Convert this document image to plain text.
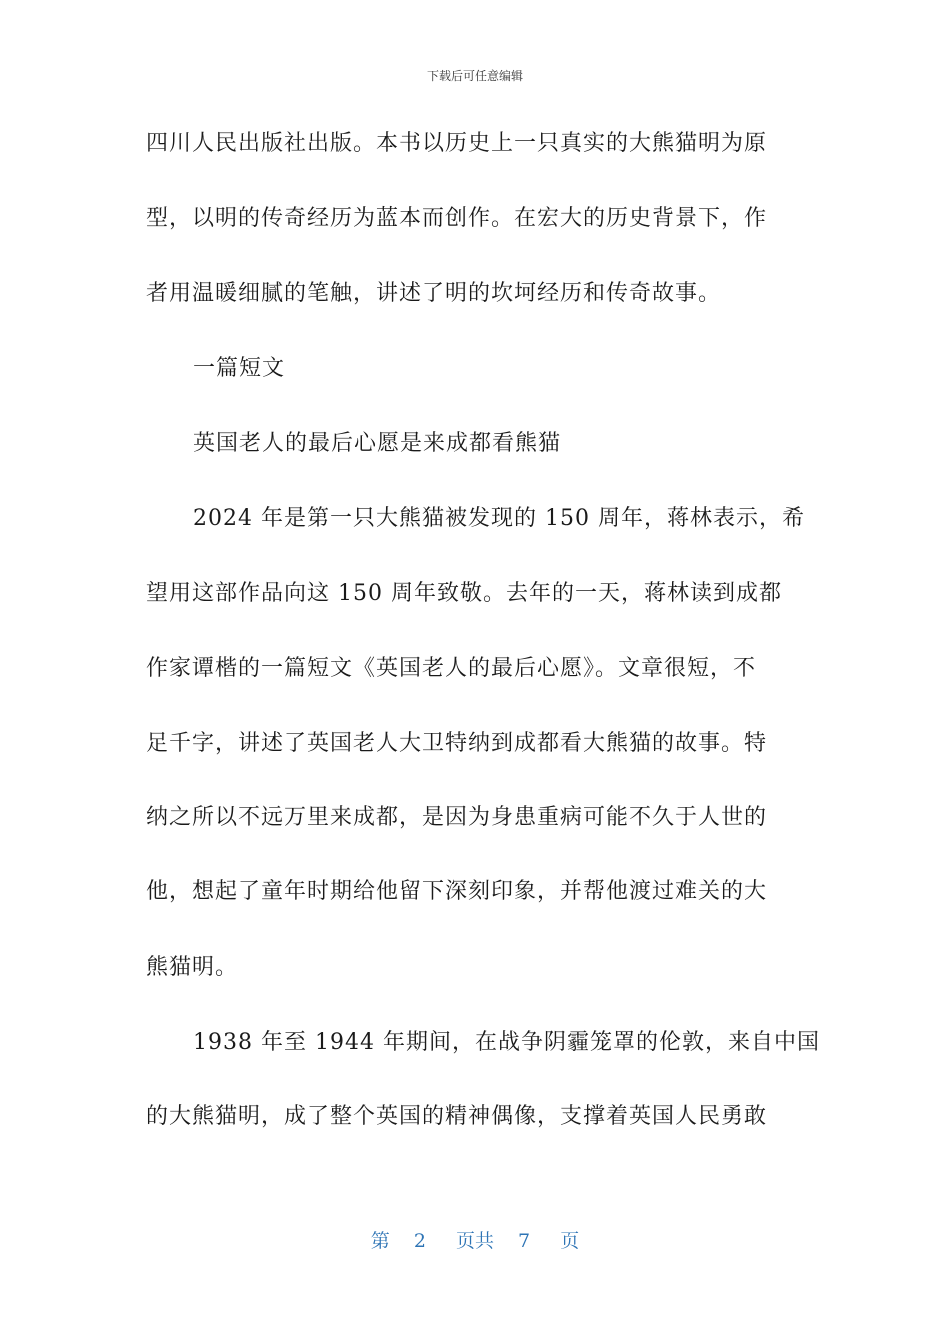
下载后可任意编辑
四川人民出版社出版。本书以历史上一只真实的大熊猫明为原
型，以明的传奇经历为蓝本而创作。在宏大的历史背景下，作
者用温暖细腻的笔触，讲述了明的坎坷经历和传奇故事。
一篇短文
英国老人的最后心愿是来成都看熊猫
2024 年是第一只大熊猫被发现的 150 周年，蒋林表示，希
望用这部作品向这 150 周年致敬。去年的一天，蒋林读到成都
作家谭楷的一篇短文《英国老人的最后心愿》。文章很短，不
足千字，讲述了英国老人大卫特纳到成都看大熊猫的故事。特
纳之所以不远万里来成都，是因为身患重病可能不久于人世的
他，想起了童年时期给他留下深刻印象，并帮他渡过难关的大
熊猫明。
1938 年至 1944 年期间，在战争阴霾笼罩的伦敦，来自中国
的大熊猫明，成了整个英国的精神偶像，支撑着英国人民勇敢
第 2 页共 7 页
